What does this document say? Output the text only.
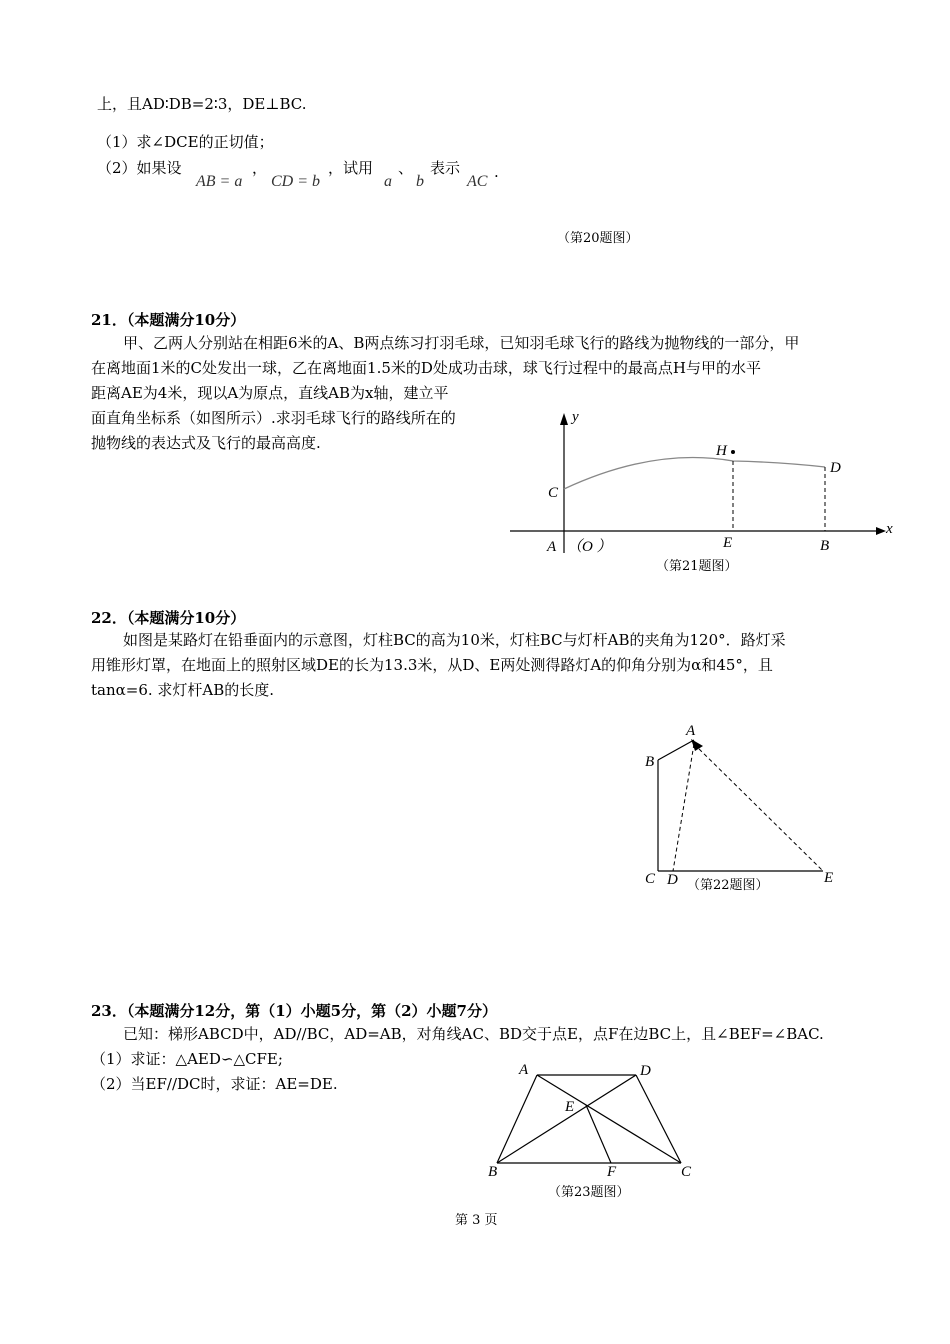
上，且AD∶DB=2∶3，DE⊥BC.
（1）求∠DCE的正切值；
（2）如果设
AB = a
，
CD = b
，试用
a
、
b
表示
AC
.
（第20题图）
21．（本题满分10分）
甲、乙两人分别站在相距6米的A、B两点练习打羽毛球，已知羽毛球飞行的路线为抛物线的一部分，甲
在离地面1米的C处发出一球，乙在离地面1.5米的D处成功击球，球飞行过程中的最高点H与甲的水平
距离AE为4米，现以A为原点，直线AB为x轴，建立平
面直角坐标系（如图所示）.求羽毛球飞行的路线所在的
抛物线的表达式及飞行的最高高度.
y
x
H
D
C
A （O ）	E	B
（第21题图）
22．（本题满分10分）
如图是某路灯在铅垂面内的示意图，灯柱BC的高为10米，灯柱BC与灯杆AB的夹角为120°．路灯采
用锥形灯罩，在地面上的照射区域DE的长为13.3米，从D、E两处测得路灯A的仰角分别为α和45°，且
tanα=6. 求灯杆AB的长度.
A
B
C D	E
（第22题图）
23．（本题满分12分，第（1）小题5分，第（2）小题7分）
已知：梯形ABCD中，AD//BC，AD=AB，对角线AC、BD交于点E，点F在边BC上，且∠BEF=∠BAC.
（1）求证：△AED∽△CFE;
（2）当EF//DC时，求证：AE=DE.
A	D
E
B	F	C
（第23题图）
第 3 页
